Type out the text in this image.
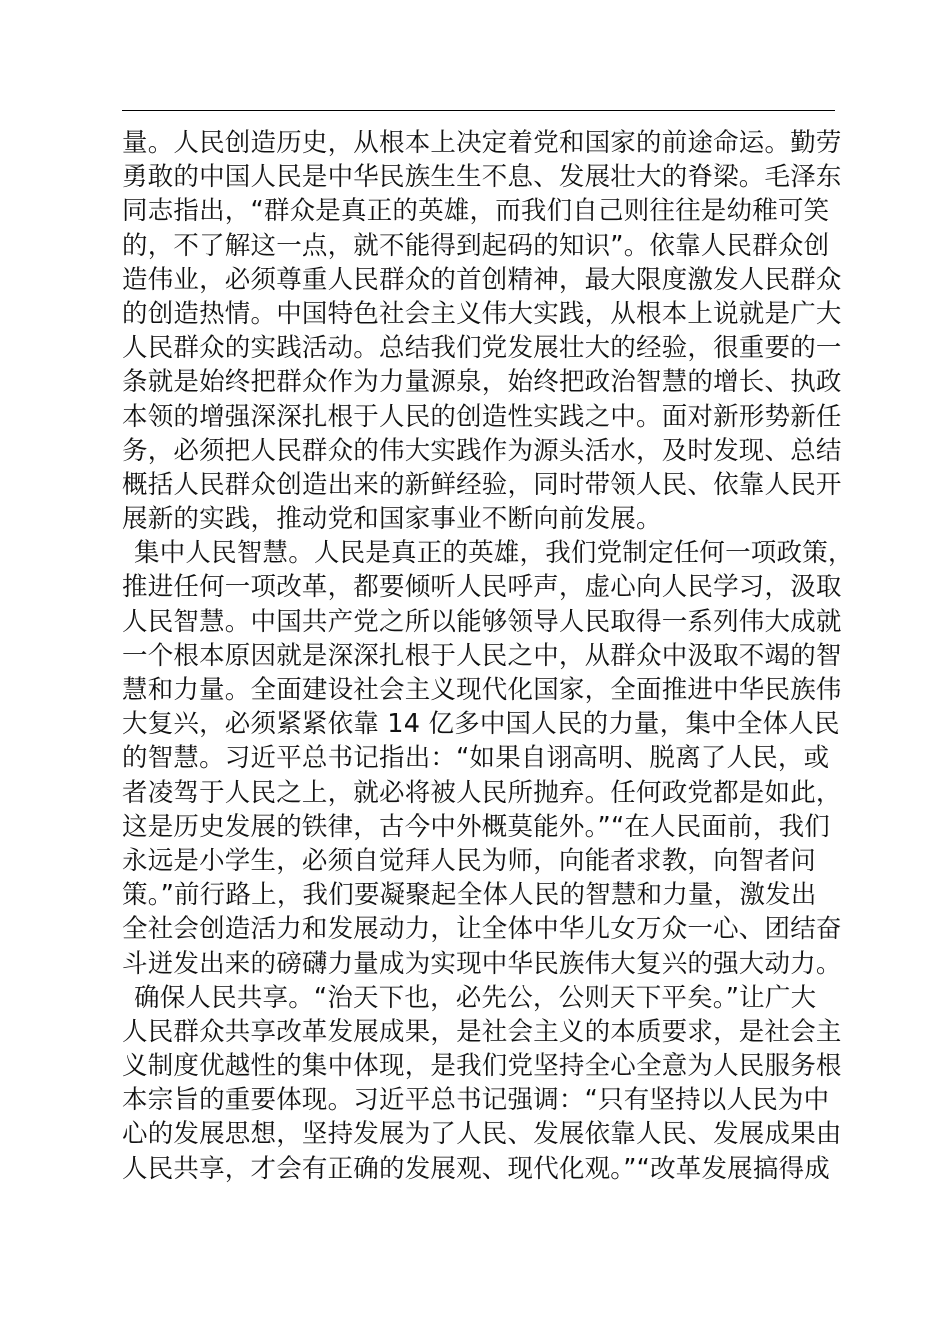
量。人民创造历史，从根本上决定着党和国家的前途命运。勤劳
勇敢的中国人民是中华民族生生不息、发展壮大的脊梁。毛泽东
同志指出，“群众是真正的英雄，而我们自己则往往是幼稚可笑
的，不了解这一点，就不能得到起码的知识”。依靠人民群众创
造伟业，必须尊重人民群众的首创精神，最大限度激发人民群众
的创造热情。中国特色社会主义伟大实践，从根本上说就是广大
人民群众的实践活动。总结我们党发展壮大的经验，很重要的一
条就是始终把群众作为力量源泉，始终把政治智慧的增长、执政
本领的增强深深扎根于人民的创造性实践之中。面对新形势新任
务，必须把人民群众的伟大实践作为源头活水，及时发现、总结
概括人民群众创造出来的新鲜经验，同时带领人民、依靠人民开
展新的实践，推动党和国家事业不断向前发展。
集中人民智慧。人民是真正的英雄，我们党制定任何一项政策，
推进任何一项改革，都要倾听人民呼声，虚心向人民学习，汲取
人民智慧。中国共产党之所以能够领导人民取得一系列伟大成就
一个根本原因就是深深扎根于人民之中，从群众中汲取不竭的智
慧和力量。全面建设社会主义现代化国家，全面推进中华民族伟
大复兴，必须紧紧依靠 14 亿多中国人民的力量，集中全体人民
的智慧。习近平总书记指出：“如果自诩高明、脱离了人民，或
者凌驾于人民之上，就必将被人民所抛弃。任何政党都是如此，
这是历史发展的铁律，古今中外概莫能外。”“在人民面前，我们
永远是小学生，必须自觉拜人民为师，向能者求教，向智者问
策。”前行路上，我们要凝聚起全体人民的智慧和力量，激发出
全社会创造活力和发展动力，让全体中华儿女万众一心、团结奋
斗迸发出来的磅礴力量成为实现中华民族伟大复兴的强大动力。
确保人民共享。“治天下也，必先公，公则天下平矣。”让广大
人民群众共享改革发展成果，是社会主义的本质要求，是社会主
义制度优越性的集中体现，是我们党坚持全心全意为人民服务根
本宗旨的重要体现。习近平总书记强调：“只有坚持以人民为中
心的发展思想，坚持发展为了人民、发展依靠人民、发展成果由
人民共享，才会有正确的发展观、现代化观。”“改革发展搞得成
